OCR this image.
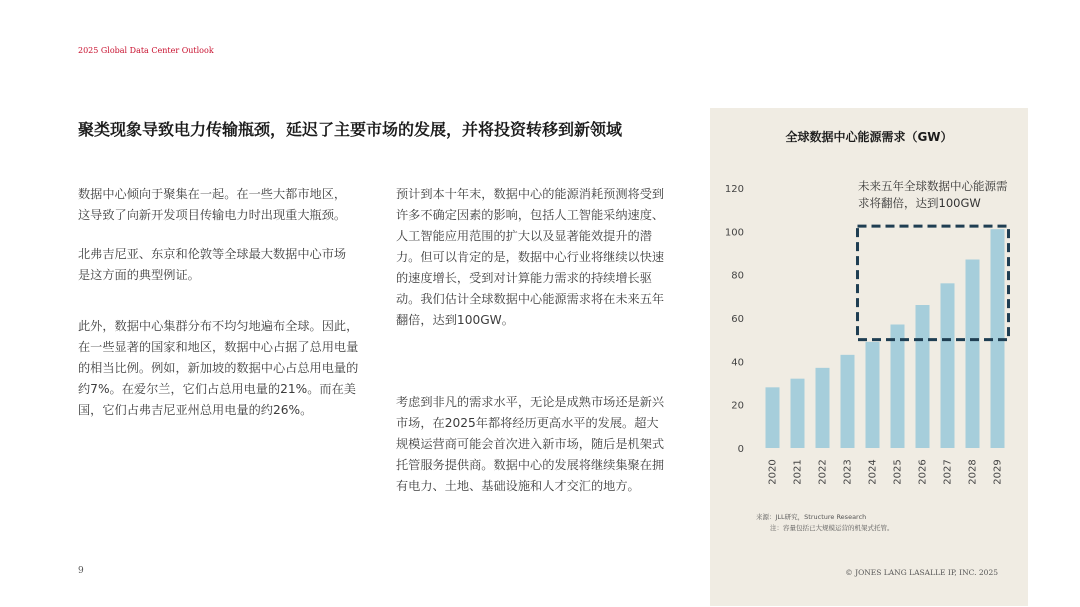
2025 Global Data Center Outlook
聚类现象导致电力传输瓶颈，延迟了主要市场的发展，并将投资转移到新领域

数据中心倾向于聚集在一起。在一些大都市地区，这导致了向新开发项目传输电力时出现重大瓶颈。

北弗吉尼亚、东京和伦敦等全球最大数据中心市场是这方面的典型例证。

此外，数据中心集群分布不均匀地遍布全球。因此，在一些显著的国家和地区，数据中心占据了总用电量的相当比例。例如，新加坡的数据中心占总用电量的约7%。在爱尔兰，它们占总用电量的21%。而在美国，它们占弗吉尼亚州总用电量的约26%。

预计到本十年末，数据中心的能源消耗预测将受到许多不确定因素的影响，包括人工智能采纳速度、人工智能应用范围的扩大以及显著能效提升的潜力。但可以肯定的是，数据中心行业将继续以快速的速度增长，受到对计算能力需求的持续增长驱动。我们估计全球数据中心能源需求将在未来五年翻倍，达到100GW。

考虑到非凡的需求水平，无论是成熟市场还是新兴市场，在2025年都将经历更高水平的发展。超大规模运营商可能会首次进入新市场，随后是机架式托管服务提供商。数据中心的发展将继续集聚在拥有电力、土地、基础设施和人才交汇的地方。

9
全球数据中心能源需求（GW）
0
20
40
60
80
100
120
2020 2021 2022 2023 2024 2025 2026 2027 2028 2029
未来五年全球数据中心能源需求将翻倍，达到100GW
来源：JLL研究，Structure Research
注：容量包括已大规模运营的机架式托管。
© JONES LANG LASALLE IP, INC. 2025
